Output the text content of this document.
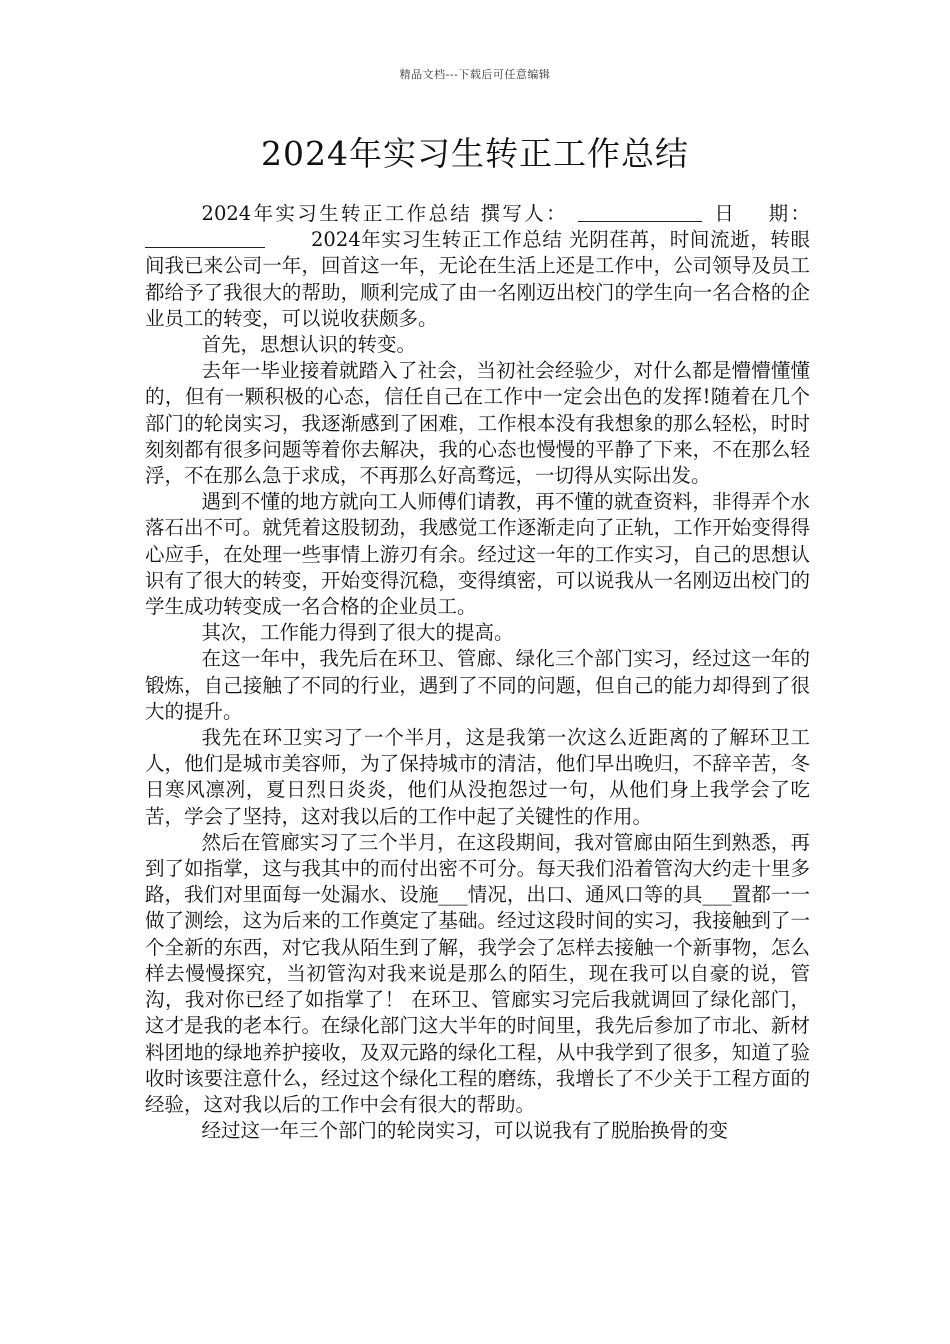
精品文档---下载后可任意编辑
2024年实习生转正工作总结

2024年实习生转正工作总结 撰写人：	日 期：2024年实习生转正工作总结 光阴荏苒，时间流逝，转眼间我已来公司一年，回首这一年，无论在生活上还是工作中，公司领导及员工都给予了我很大的帮助，顺利完成了由一名刚迈出校门的学生向一名合格的企业员工的转变，可以说收获颇多。

首先，思想认识的转变。

去年一毕业接着就踏入了社会，当初社会经验少，对什么都是懵懵懂懂的，但有一颗积极的心态，信任自己在工作中一定会出色的发挥!随着在几个部门的轮岗实习，我逐渐感到了困难，工作根本没有我想象的那么轻松，时时刻刻都有很多问题等着你去解决，我的心态也慢慢的平静了下来，不在那么轻浮，不在那么急于求成，不再那么好高骛远，一切得从实际出发。

遇到不懂的地方就向工人师傅们请教，再不懂的就查资料，非得弄个水落石出不可。就凭着这股韧劲，我感觉工作逐渐走向了正轨，工作开始变得得心应手，在处理一些事情上游刃有余。经过这一年的工作实习，自己的思想认识有了很大的转变，开始变得沉稳，变得缜密，可以说我从一名刚迈出校门的学生成功转变成一名合格的企业员工。

其次，工作能力得到了很大的提高。

在这一年中，我先后在环卫、管廊、绿化三个部门实习，经过这一年的锻炼，自己接触了不同的行业，遇到了不同的问题，但自己的能力却得到了很大的提升。

我先在环卫实习了一个半月，这是我第一次这么近距离的了解环卫工人，他们是城市美容师，为了保持城市的清洁，他们早出晚归，不辞辛苦，冬日寒风凛冽，夏日烈日炎炎，他们从没抱怨过一句，从他们身上我学会了吃苦，学会了坚持，这对我以后的工作中起了关键性的作用。

然后在管廊实习了三个半月，在这段期间，我对管廊由陌生到熟悉，再到了如指掌，这与我其中的而付出密不可分。每天我们沿着管沟大约走十里多路，我们对里面每一处漏水、设施___情况，出口、通风口等的具___置都一一做了测绘，这为后来的工作奠定了基础。经过这段时间的实习，我接触到了一个全新的东西，对它我从陌生到了解，我学会了怎样去接触一个新事物，怎么样去慢慢探究，当初管沟对我来说是那么的陌生，现在我可以自豪的说，管沟，我对你已经了如指掌了！ 在环卫、管廊实习完后我就调回了绿化部门，这才是我的老本行。在绿化部门这大半年的时间里，我先后参加了市北、新材料团地的绿地养护接收，及双元路的绿化工程，从中我学到了很多，知道了验收时该要注意什么，经过这个绿化工程的磨练，我增长了不少关于工程方面的经验，这对我以后的工作中会有很大的帮助。

经过这一年三个部门的轮岗实习，可以说我有了脱胎换骨的变
